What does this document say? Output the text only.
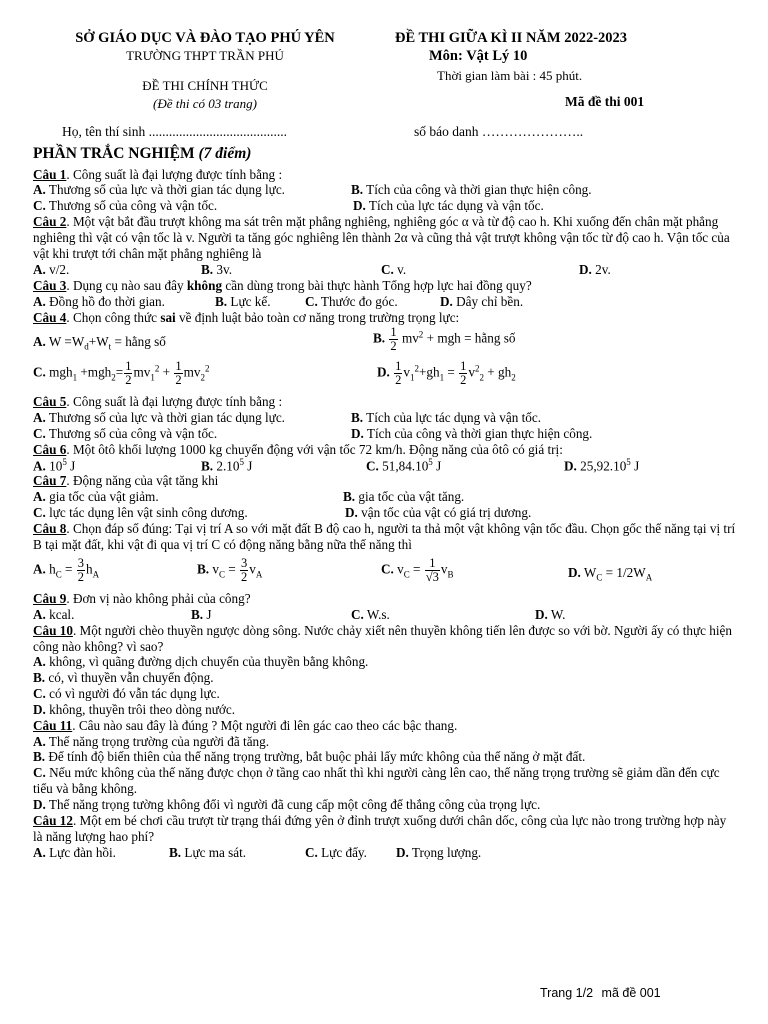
SỞ GIÁO DỤC VÀ ĐÀO TẠO PHÚ YÊN
TRƯỜNG THPT TRẦN PHÚ
ĐỀ THI CHÍNH THỨC
(Đề thi có 03 trang)
ĐỀ THI GIỮA KÌ II NĂM 2022-2023
Môn: Vật Lý 10
Thời gian làm bài : 45 phút.
Mã đề thi 001
Họ, tên thí sinh .........................................	số báo danh …………………..
PHẦN TRẮC NGHIỆM (7 điểm)
Câu 1. Công suất là đại lượng được tính bằng :
A. Thương số của lực và thời gian tác dụng lực.	B. Tích của công và thời gian thực hiện công.
C. Thương số của công và vận tốc.	D. Tích của lực tác dụng và vận tốc.
Câu 2. Một vật bắt đầu trượt không ma sát trên mặt phẳng nghiêng, nghiêng góc α và từ độ cao h. Khi xuống đến chân mặt phẳng nghiêng thì vật có vận tốc là v. Người ta tăng góc nghiêng lên thành 2α và cũng thả vật trượt không vận tốc từ độ cao h. Vận tốc của vật khi trượt tới chân mặt phẳng nghiêng là
A. v/2.	B. 3v.	C. v.	D. 2v.
Câu 3. Dụng cụ nào sau đây không cần dùng trong bài thực hành Tổng hợp lực hai đồng quy?
A. Đồng hồ đo thời gian.	B. Lực kế.	C. Thước đo góc.	D. Dây chỉ bền.
Câu 4. Chọn công thức sai về định luật bảo toàn cơ năng trong trường trọng lực:
A. $W =W_d+W_t$ = hằng số	B. $\frac{1}{2} mv^2$ + mgh = hằng số
C. $mgh_1 +mgh_2= \frac{1}{2} mv_1^2 + \frac{1}{2} mv_2^2$	D. $\frac{1}{2} v_1^2+gh_1 = \frac{1}{2} v^2_2 + gh_2$
Câu 5. Công suất là đại lượng được tính bằng :
A. Thương số của lực và thời gian tác dụng lực.	B. Tích của lực tác dụng và vận tốc.
C. Thương số của công và vận tốc.	D. Tích của công và thời gian thực hiện công.
Câu 6. Một ôtô khối lượng 1000 kg chuyển động với vận tốc 72 km/h. Động năng của ôtô có giá trị:
A. $10^5$ J	B. 2.10$^5$ J	C. 51,84.10$^5$ J	D. 25,92.10$^5$ J
Câu 7. Động năng của vật tăng khi
A. gia tốc của vật giảm.	B. gia tốc của vật tăng.
C. lực tác dụng lên vật sinh công dương.	D. vận tốc của vật có giá trị dương.
Câu 8. Chọn đáp số đúng: Tại vị trí A so với mặt đất B độ cao h, người ta thả một vật không vận tốc đầu. Chọn gốc thế năng tại vị trí B tại mặt đất, khi vật đi qua vị trí C có động năng bằng nữa thế năng thì
A. $h_C = \frac{3}{2} h_A$	B. $v_C = \frac{3}{2} v_A$	C. $v_C = \frac{1}{√3} v_B$	D. $W_C = 1/2W_A$
Câu 9. Đơn vị nào không phải của công?
A. kcal.	B. J	C. W.s.	D. W.
Câu 10. Một người chèo thuyền ngược dòng sông. Nước chảy xiết nên thuyền không tiến lên được so với bờ. Người ấy có thực hiện công nào không? vì sao?
A. không, vì quãng đường dịch chuyển của thuyền bằng không.
B. có, vì thuyền vẫn chuyển động.
C. có vì người đó vẫn tác dụng lực.
D. không, thuyền trôi theo dòng nước.
Câu 11. Câu nào sau đây là đúng ? Một người đi lên gác cao theo các bậc thang.
A. Thế năng trọng trường của người đã tăng.
B. Để tính độ biến thiên của thế năng trọng trường, bắt buộc phải lấy mức không của thế năng ở mặt đất.
C. Nếu mức không của thế năng được chọn ở tầng cao nhất thì khi người càng lên cao, thế năng trọng trường sẽ giảm dần đến cực tiểu và bằng không.
D. Thế năng trọng tường không đổi vì người đã cung cấp một công để thắng công của trọng lực.
Câu 12. Một em bé chơi cầu trượt từ trạng thái đứng yên ở đỉnh trượt xuống dưới chân dốc, công của lực nào trong trường hợp này là năng lượng hao phí?
A. Lực đàn hồi.	B. Lực ma sát.	C. Lực đẩy. D. Trọng lượng.
Trang 1/2 mã đề 001
